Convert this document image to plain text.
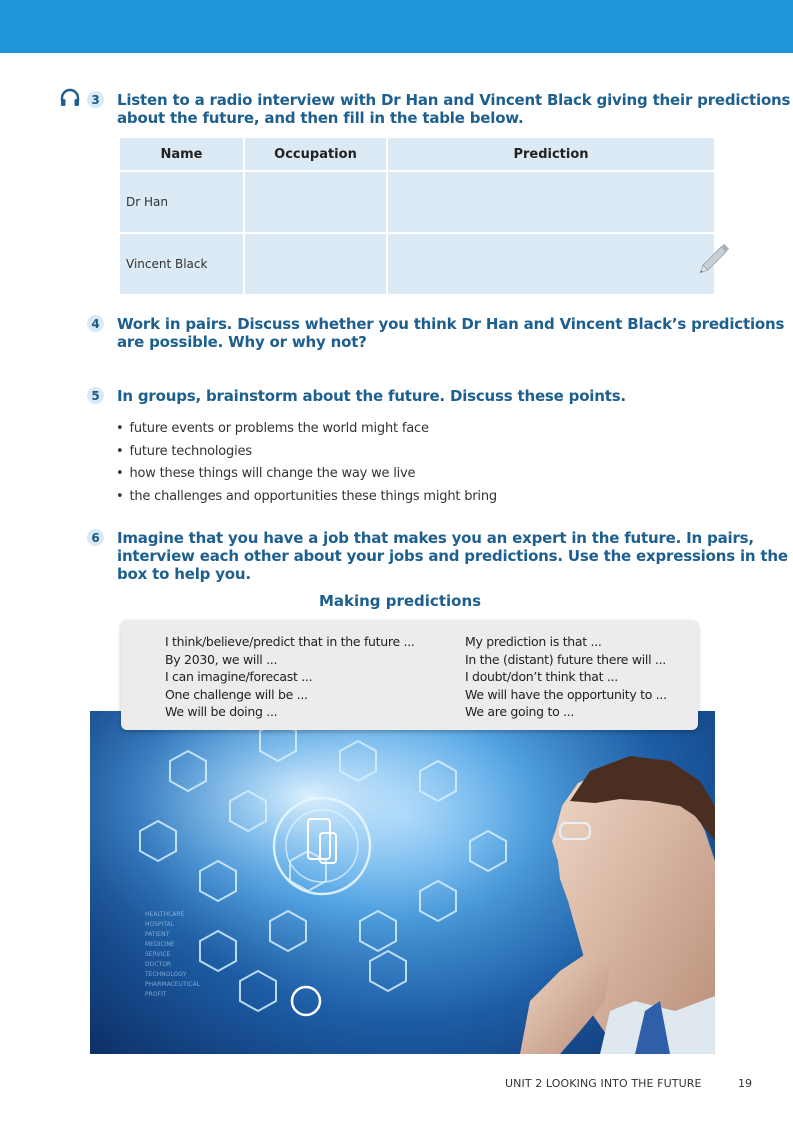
3 Listen to a radio interview with Dr Han and Vincent Black giving their predictions
about the future, and then fill in the table below.
Name	Occupation	Prediction
Dr Han		
Vincent Black		
4 Work in pairs. Discuss whether you think Dr Han and Vincent Black’s predictions
are possible. Why or why not?
5 In groups, brainstorm about the future. Discuss these points.
• future events or problems the world might face
• future technologies
• how these things will change the way we live
• the challenges and opportunities these things might bring
6 Imagine that you have a job that makes you an expert in the future. In pairs,
interview each other about your jobs and predictions. Use the expressions in the
box to help you.
Making predictions
HEALTHCARE
HOSPITAL
PATIENT
MEDICINE
SERVICE
DOCTOR
TECHNOLOGY
PHARMACEUTICAL
PROFIT
I think/believe/predict that in the future ...
By 2030, we will ...
I can imagine/forecast ...
One challenge will be ...
We will be doing ...
My prediction is that ...
In the (distant) future there will ...
I doubt/don’t think that ...
We will have the opportunity to ...
We are going to ...
UNIT 2 LOOKING INTO THE FUTURE	19
